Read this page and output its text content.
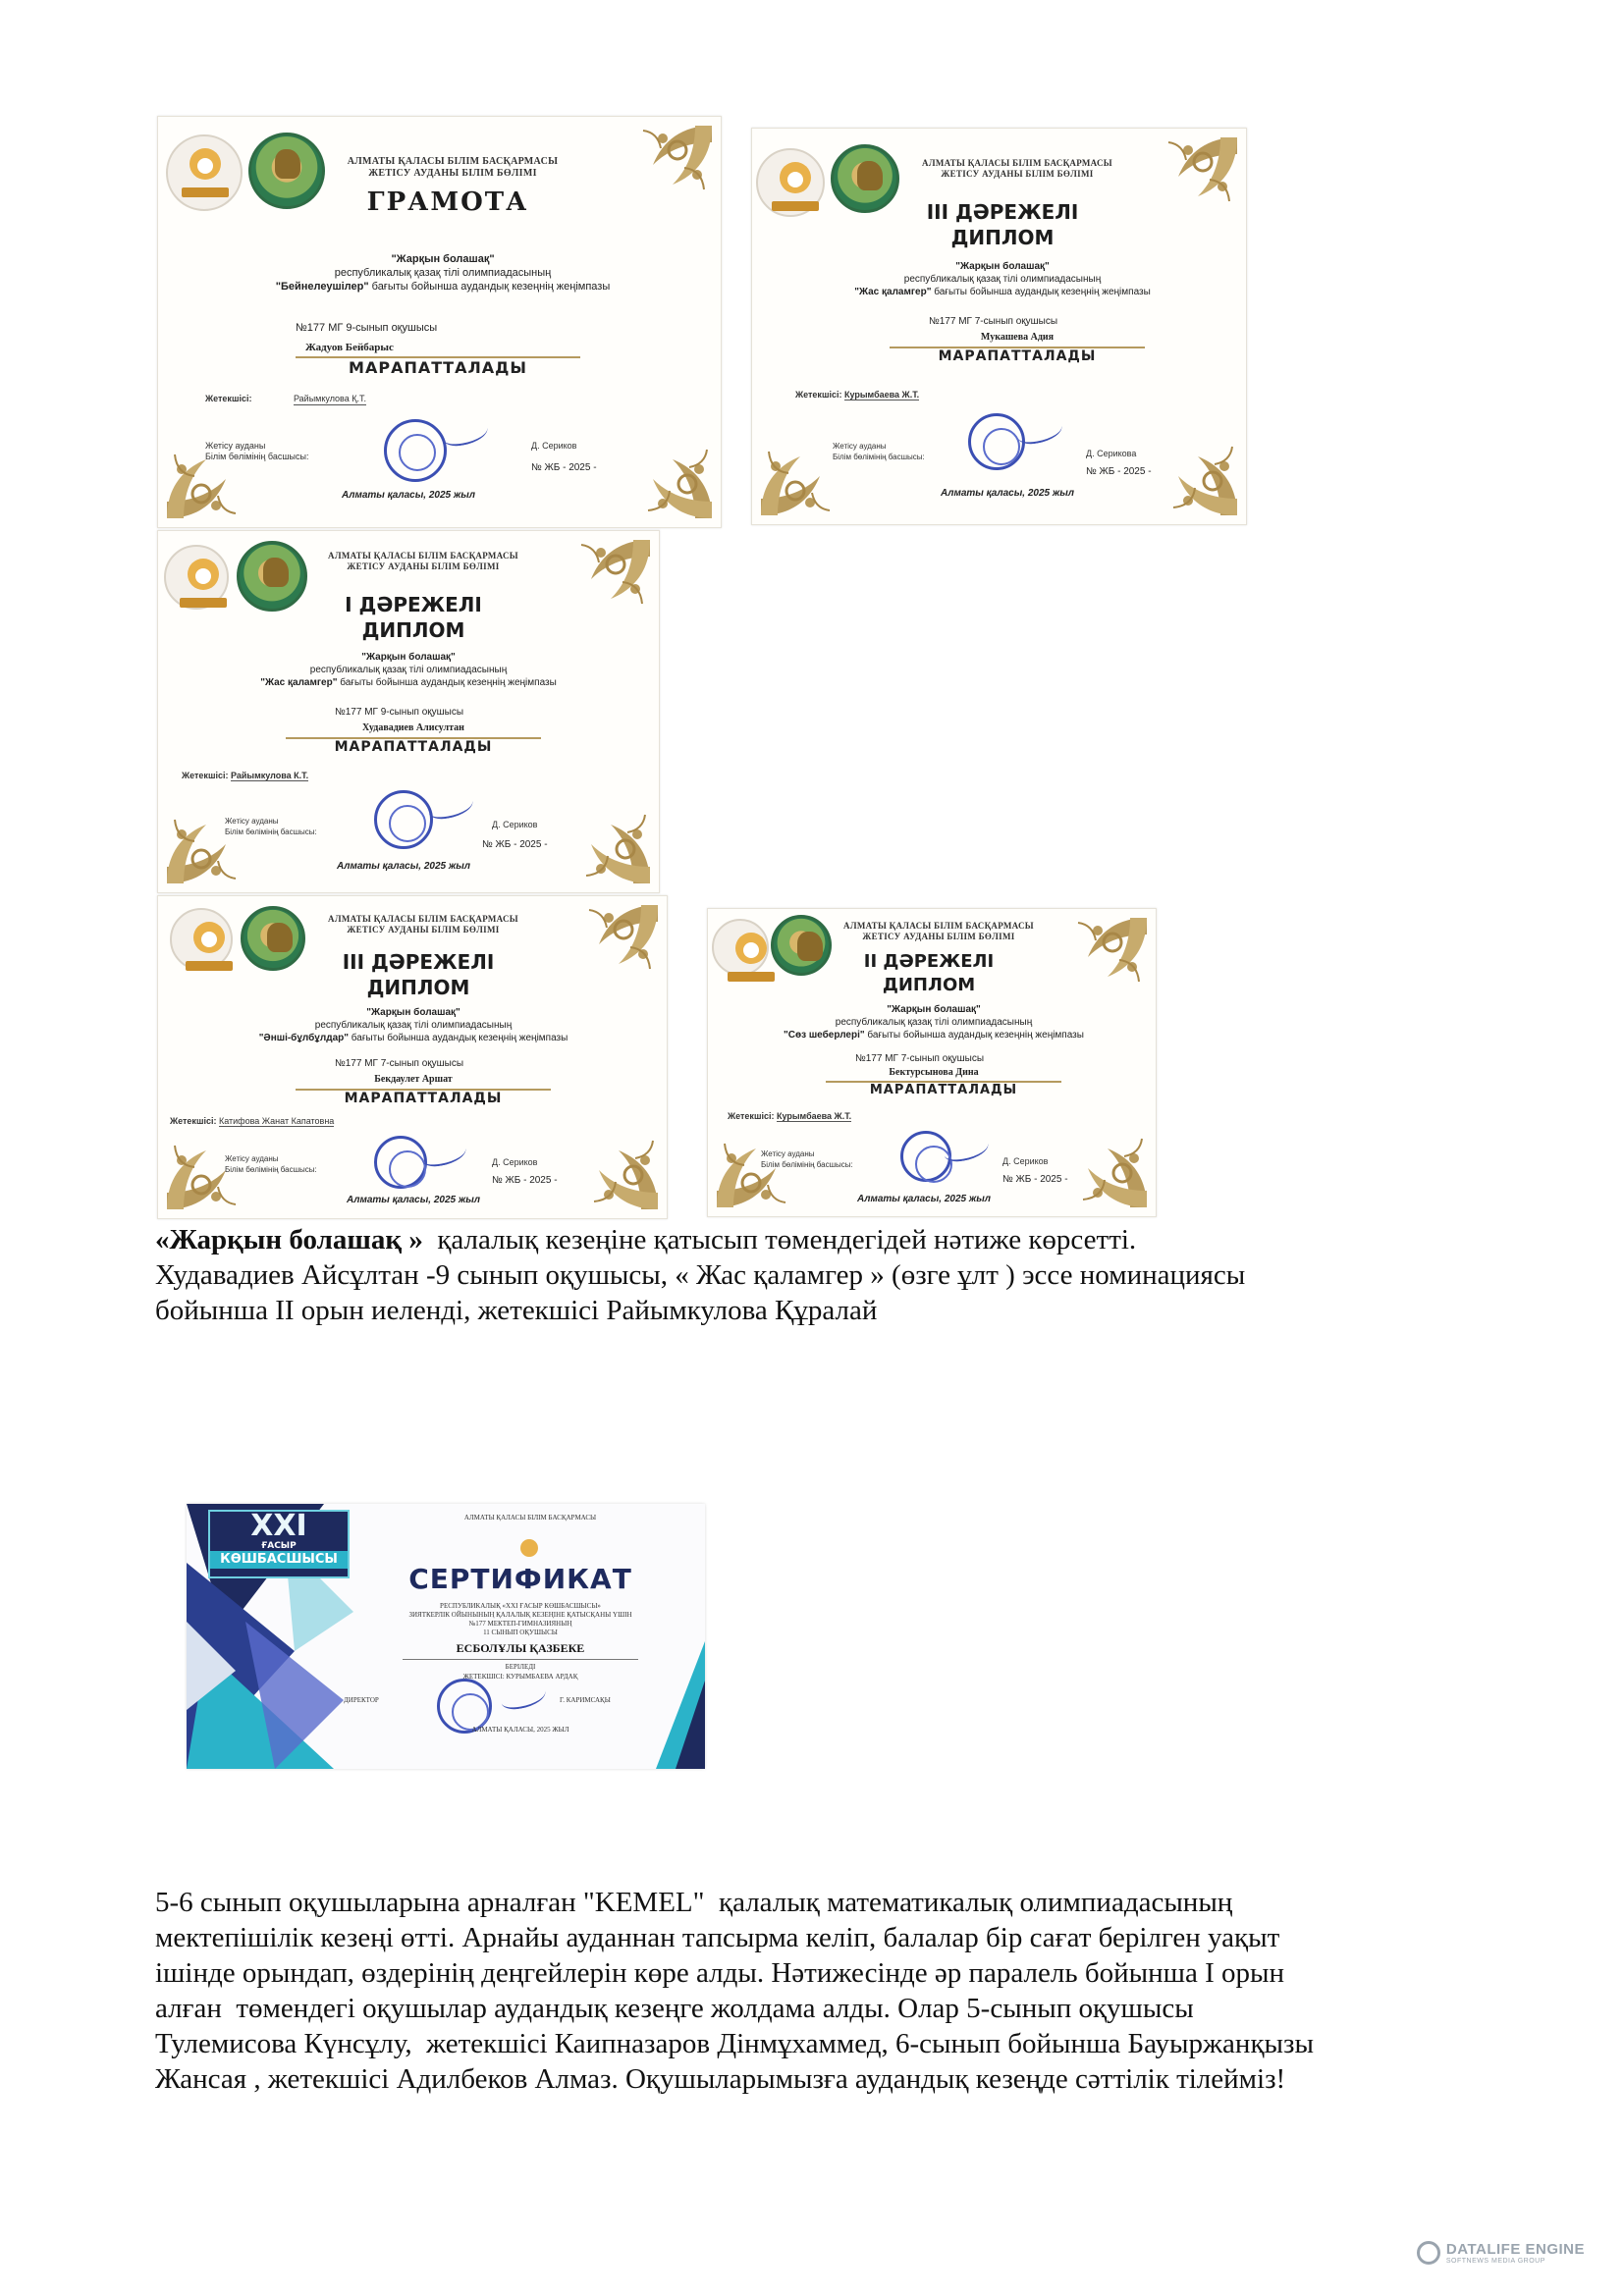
АЛМАТЫ ҚАЛАСЫ БІЛІМ БАСҚАРМАСЫ
ЖЕТІСУ АУДАНЫ БІЛІМ БӨЛІМІ
ГРАМОТА
"Жарқын болашақ"
республикалық қазақ тілі олимпиадасының
"Бейнелеушілер" бағыты бойынша аудандық кезеңнің жеңімпазы
№177 МГ 9-сынып оқушысы
Жадуов Бейбарыс
МАРАПАТТАЛАДЫ
Жетекшісі:	Райымкулова Қ.Т.
Жетісу ауданы
Білім бөлімінің басшысы:
Д. Сериков
№ ЖБ - 2025 -
Алматы қаласы, 2025 жыл
АЛМАТЫ ҚАЛАСЫ БІЛІМ БАСҚАРМАСЫ
ЖЕТІСУ АУДАНЫ БІЛІМ БӨЛІМІ
III ДӘРЕЖЕЛІ
ДИПЛОМ
"Жарқын болашақ"
республикалық қазақ тілі олимпиадасының
"Жас қаламгер" бағыты бойынша аудандық кезеңнің жеңімпазы
№177 МГ 7-сынып оқушысы
Мукашева Адия
МАРАПАТТАЛАДЫ
Жетекшісі: Курымбаева Ж.Т.
Жетісу ауданы
Білім бөлімінің басшысы:	Д. Серикова
№ ЖБ - 2025 -
Алматы қаласы, 2025 жыл
АЛМАТЫ ҚАЛАСЫ БІЛІМ БАСҚАРМАСЫ
ЖЕТІСУ АУДАНЫ БІЛІМ БӨЛІМІ
I ДӘРЕЖЕЛІ
ДИПЛОМ
"Жарқын болашақ"
республикалық қазақ тілі олимпиадасының
"Жас қаламгер" бағыты бойынша аудандық кезеңнің жеңімпазы
№177 МГ 9-сынып оқушысы
Худавадиев Алисултан
МАРАПАТТАЛАДЫ
Жетекшісі: Райымкулова К.Т.
Жетісу ауданы
Білім бөлімінің басшысы:
Д. Сериков
№ ЖБ - 2025 -
Алматы қаласы, 2025 жыл
АЛМАТЫ ҚАЛАСЫ БІЛІМ БАСҚАРМАСЫ
ЖЕТІСУ АУДАНЫ БІЛІМ БӨЛІМІ
III ДӘРЕЖЕЛІ
ДИПЛОМ
"Жарқын болашақ"
республикалық қазақ тілі олимпиадасының
"Әнші-бұлбұлдар" бағыты бойынша аудандық кезеңнің жеңімпазы
№177 МГ 7-сынып оқушысы
Бекдаулет Аршат
МАРАПАТТАЛАДЫ
Жетекшісі: Катифова Жанат Капатовна
Жетісу ауданы
Білім бөлімінің басшысы:
Д. Сериков
№ ЖБ - 2025 -
Алматы қаласы, 2025 жыл
АЛМАТЫ ҚАЛАСЫ БІЛІМ БАСҚАРМАСЫ
ЖЕТІСУ АУДАНЫ БІЛІМ БӨЛІМІ
II ДӘРЕЖЕЛІ
ДИПЛОМ
"Жарқын болашақ"
республикалық қазақ тілі олимпиадасының
"Сөз шеберлері" бағыты бойынша аудандық кезеңнің жеңімпазы
№177 МГ 7-сынып оқушысы
Бектурсынова Дина
МАРАПАТТАЛАДЫ
Жетекшісі: Курымбаева Ж.Т.
Жетісу ауданы
Білім бөлімінің басшысы:	Д. Сериков
№ ЖБ - 2025 -
Алматы қаласы, 2025 жыл
«Жарқын болашақ »  қалалық кезеңіне қатысып төмендегідей нәтиже көрсетті.
Худавадиев Айсұлтан -9 сынып оқушысы, « Жас қаламгер » (өзге ұлт ) эссе номинациясы
бойынша ІІ орын иеленді, жетекшісі Райымкулова Құралай
XXI
ҒАСЫР
КӨШБАСШЫСЫ
АЛМАТЫ ҚАЛАСЫ БІЛІМ БАСҚАРМАСЫ
СЕРТИФИКАТ
РЕСПУБЛИКАЛЫҚ «XXI ҒАСЫР КӨШБАСШЫСЫ»
ЗИЯТКЕРЛІК ОЙЫНЫНЫҢ ҚАЛАЛЫҚ КЕЗЕҢІНЕ ҚАТЫСҚАНЫ ҮШІН
№177 МЕКТЕП-ГИМНАЗИЯНЫҢ
11 СЫНЫП ОҚУШЫСЫ
ЕСБОЛҰЛЫ ҚАЗБЕКЕ
БЕРІЛЕДІ
ЖЕТЕКШІСІ: КУРЫМБАЕВА АРДАҚ
ДИРЕКТОР	Г. КАРИМСАҚЫ
АЛМАТЫ ҚАЛАСЫ, 2025 ЖЫЛ
5-6 сынып оқушыларына арналған "KEMEL"  қалалық математикалық олимпиадасының
мектепішілік кезеңі өтті. Арнайы ауданнан тапсырма келіп, балалар бір сағат берілген уақыт
ішінде орындап, өздерінің деңгейлерін көре алды. Нәтижесінде әр паралель бойынша І орын
алған  төмендегі оқушылар аудандық кезеңге жолдама алды. Олар 5-сынып оқушысы
Тулемисова Күнсұлу,  жетекшісі Каипназаров Дінмұхаммед, 6-сынып бойынша Бауыржанқызы
Жансая , жетекшісі Адилбеков Алмаз. Оқушыларымызға аудандық кезеңде сәттілік тілейміз!
DATALIFE ENGINE
SOFTNEWS MEDIA GROUP
